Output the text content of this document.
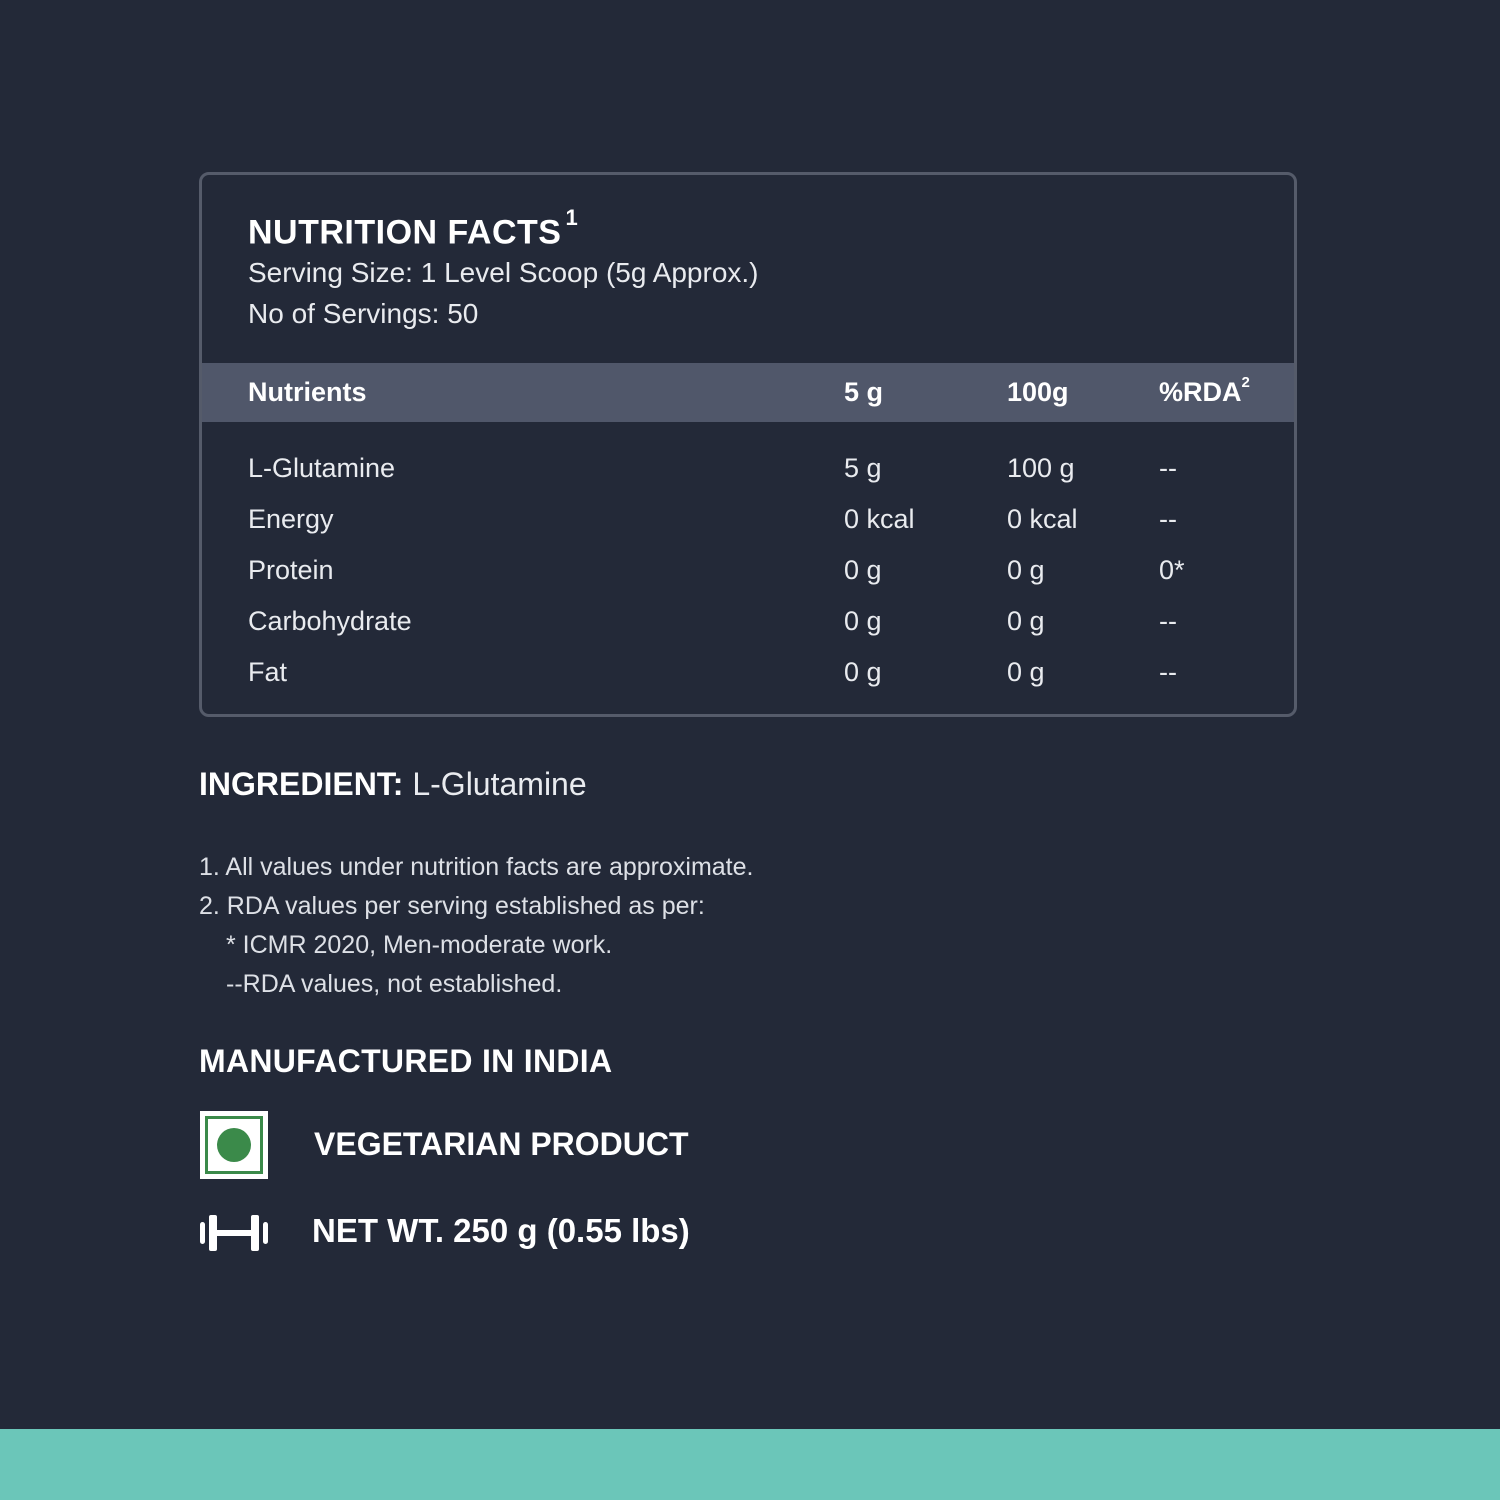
NUTRITION FACTS $^1$
Serving Size: 1 Level Scoop (5g Approx.)
No of Servings: 50
Nutrients	5 g	100g	%RDA$^2$
L-Glutamine	5 g	100 g	--
Energy	0 kcal	0 kcal	--
Protein	0 g	0 g	0*
Carbohydrate	0 g	0 g	--
Fat	0 g	0 g	--
INGREDIENT: L-Glutamine
1. All values under nutrition facts are approximate.
2. RDA values per serving established as per:
* ICMR 2020, Men-moderate work.
--RDA values, not established.
MANUFACTURED IN INDIA
VEGETARIAN PRODUCT
NET WT. 250 g (0.55 lbs)
